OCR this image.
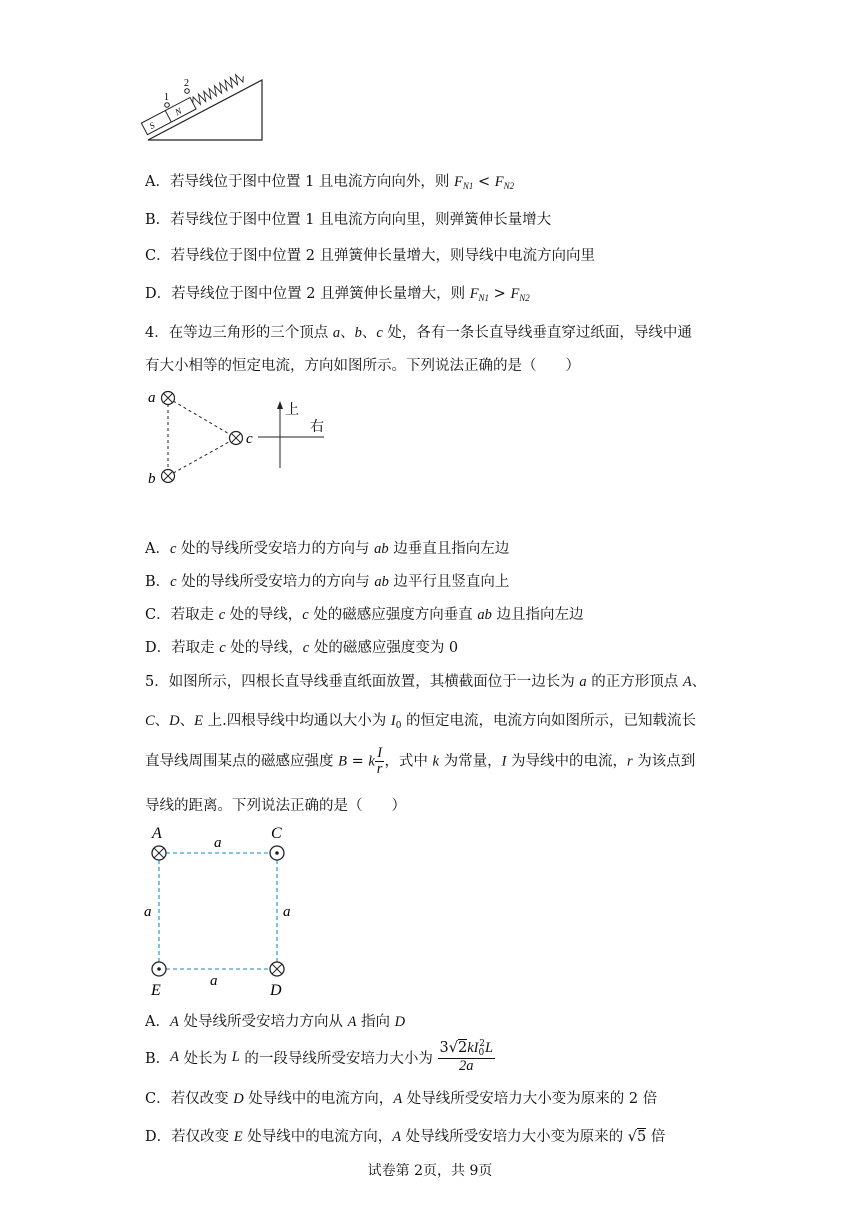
S
N
1
2
A．若导线位于图中位置 1 且电流方向向外，则 $F_{N1} < F_{N2}$
B．若导线位于图中位置 1 且电流方向向里，则弹簧伸长量增大
C．若导线位于图中位置 2 且弹簧伸长量增大，则导线中电流方向向里
D．若导线位于图中位置 2 且弹簧伸长量增大，则 $F_{N1} > F_{N2}$
4．在等边三角形的三个顶点 a、b、c 处，各有一条长直导线垂直穿过纸面，导线中通
有大小相等的恒定电流，方向如图所示。下列说法正确的是（　　）
a
b
c
上
右
A．c 处的导线所受安培力的方向与 ab 边垂直且指向左边
B．c 处的导线所受安培力的方向与 ab 边平行且竖直向上
C．若取走 c 处的导线，c 处的磁感应强度方向垂直 ab 边且指向左边
D．若取走 c 处的导线，c 处的磁感应强度变为 0
5．如图所示，四根长直导线垂直纸面放置，其横截面位于一边长为 a 的正方形顶点 A、
C、D、E 上.四根导线中均通以大小为 $I_0$ 的恒定电流，电流方向如图所示，已知载流长
直导线周围某点的磁感应强度 B = k $\frac{I}{r}$ ，式中 k 为常量，I 为导线中的电流，r 为该点到
导线的距离。下列说法正确的是（　　）
A	C
E	D
a
a	a
a
A．A 处导线所受安培力方向从 A 指向 D
B．A 处长为 L 的一段导线所受安培力大小为 $\frac{3√2kI_0^2L}{2a}$
C．若仅改变 D 处导线中的电流方向，A 处导线所受安培力大小变为原来的 2 倍
D．若仅改变 E 处导线中的电流方向，A 处导线所受安培力大小变为原来的 √5 倍
试卷第 2页，共 9页
